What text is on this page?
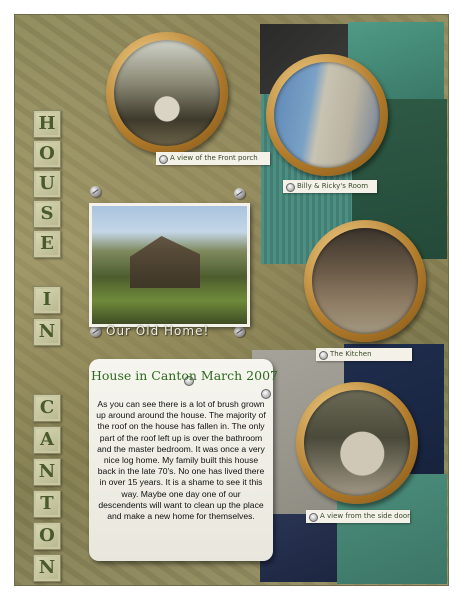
H
O
U
S
E
I
N
C
A
N
T
O
N
A view of the Front porch
Billy & Ricky's Room
The Kitchen
A view from the side door
Our Old Home!
House in Canton March 2007
As you can see there is a lot of brush grown up around around the house. The majority of the roof on the house has fallen in. The only part of the roof left up is over the bathroom and the master bedroom. It was once a very nice log home. My family built this house back in the late 70's. No one has lived there in over 15 years. It is a shame to see it this way. Maybe one day one of our descendents will want to clean up the place and make a new home for themselves.
